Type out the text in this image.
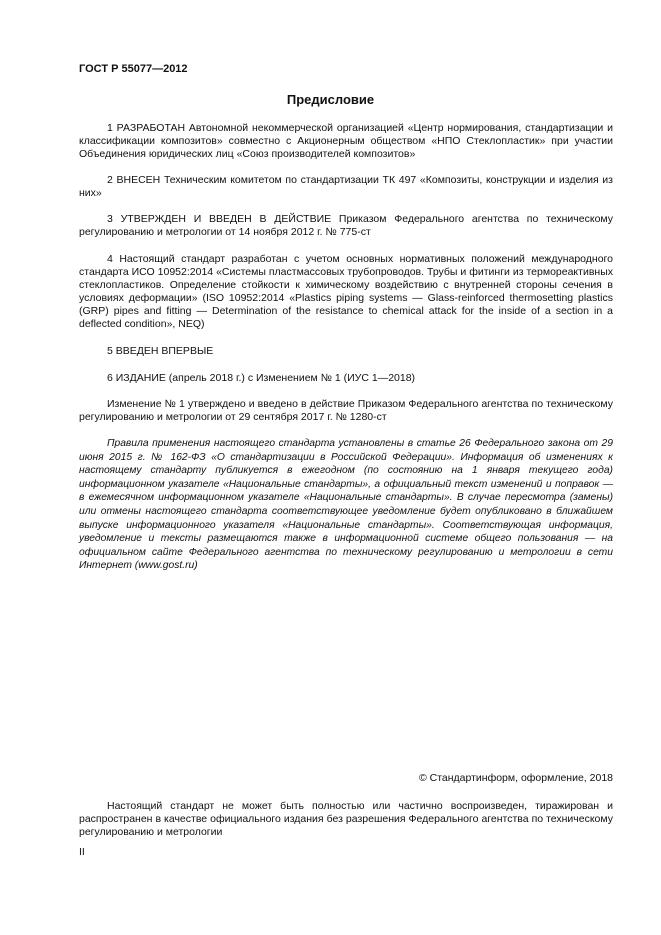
ГОСТ Р 55077—2012
Предисловие
1 РАЗРАБОТАН Автономной некоммерческой организацией «Центр нормирования, стандартизации и классификации композитов» совместно с Акционерным обществом «НПО Стеклопластик» при участии Объединения юридических лиц «Союз производителей композитов»
2 ВНЕСЕН Техническим комитетом по стандартизации ТК 497 «Композиты, конструкции и изделия из них»
3 УТВЕРЖДЕН И ВВЕДЕН В ДЕЙСТВИЕ Приказом Федерального агентства по техническому регулированию и метрологии от 14 ноября 2012 г. № 775-ст
4 Настоящий стандарт разработан с учетом основных нормативных положений международного стандарта ИСО 10952:2014 «Системы пластмассовых трубопроводов. Трубы и фитинги из термореактивных стеклопластиков. Определение стойкости к химическому воздействию с внутренней стороны сечения в условиях деформации» (ISO 10952:2014 «Plastics piping systems — Glass-reinforced thermosetting plastics (GRP) pipes and fitting — Determination of the resistance to chemical attack for the inside of a section in a deflected condition», NEQ)
5 ВВЕДЕН ВПЕРВЫЕ
6 ИЗДАНИЕ (апрель 2018 г.) с Изменением № 1 (ИУС 1—2018)
Изменение № 1 утверждено и введено в действие Приказом Федерального агентства по техническому регулированию и метрологии от 29 сентября 2017 г. № 1280-ст
Правила применения настоящего стандарта установлены в статье 26 Федерального закона от 29 июня 2015 г. № 162-ФЗ «О стандартизации в Российской Федерации». Информация об изменениях к настоящему стандарту публикуется в ежегодном (по состоянию на 1 января текущего года) информационном указателе «Национальные стандарты», а официальный текст изменений и поправок — в ежемесячном информационном указателе «Национальные стандарты». В случае пересмотра (замены) или отмены настоящего стандарта соответствующее уведомление будет опубликовано в ближайшем выпуске информационного указателя «Национальные стандарты». Соответствующая информация, уведомление и тексты размещаются также в информационной системе общего пользования — на официальном сайте Федерального агентства по техническому регулированию и метрологии в сети Интернет (www.gost.ru)
© Стандартинформ, оформление, 2018
Настоящий стандарт не может быть полностью или частично воспроизведен, тиражирован и распространен в качестве официального издания без разрешения Федерального агентства по техническому регулированию и метрологии
II
